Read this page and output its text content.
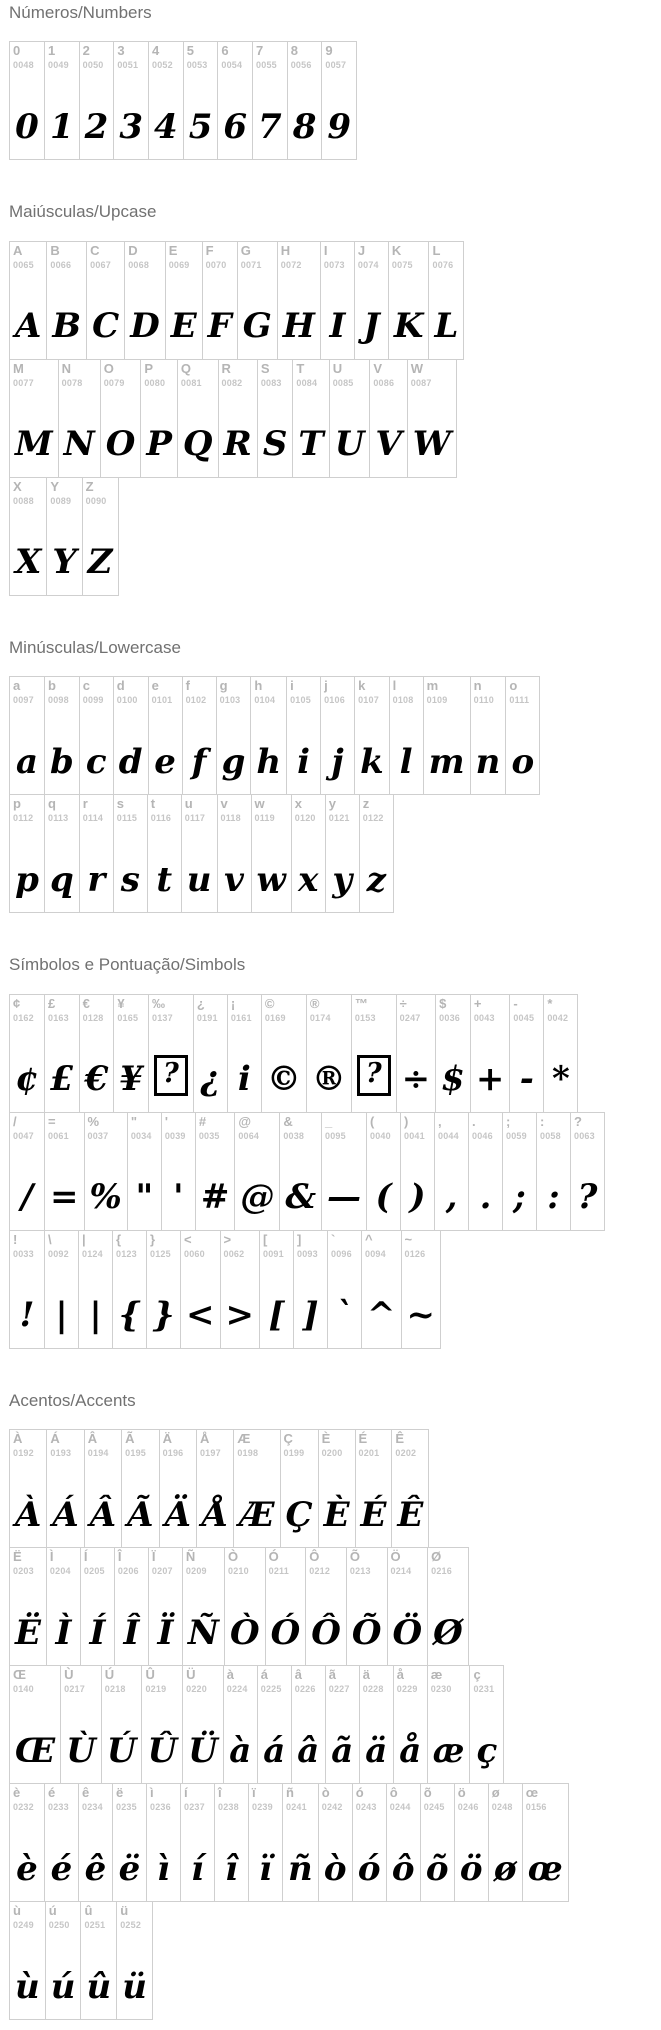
Números/Numbers
0
0048
0
1
0049
1
2
0050
2
3
0051
3
4
0052
4
5
0053
5
6
0054
6
7
0055
7
8
0056
8
9
0057
9
Maiúsculas/Upcase
A
0065
A
B
0066
B
C
0067
C
D
0068
D
E
0069
E
F
0070
F
G
0071
G
H
0072
H
I
0073
I
J
0074
J
K
0075
K
L
0076
L
M
0077
M
N
0078
N
O
0079
O
P
0080
P
Q
0081
Q
R
0082
R
S
0083
S
T
0084
T
U
0085
U
V
0086
V
W
0087
W
X
0088
X
Y
0089
Y
Z
0090
Z
Minúsculas/Lowercase
a
0097
a
b
0098
b
c
0099
c
d
0100
d
e
0101
e
f
0102
f
g
0103
g
h
0104
h
i
0105
i
j
0106
j
k
0107
k
l
0108
l
m
0109
m
n
0110
n
o
0111
o
p
0112
p
q
0113
q
r
0114
r
s
0115
s
t
0116
t
u
0117
u
v
0118
v
w
0119
w
x
0120
x
y
0121
y
z
0122
z
Símbolos e Pontuação/Simbols
¢
0162
¢
£
0163
£
€
0128
€
¥
0165
¥
‰
0137
?
¿
0191
¿
¡
0161
i
©
0169
©
®
0174
®
™
0153
?
÷
0247
÷
$
0036
$
+
0043
+
-
0045
-
*
0042
*
/
0047
/
=
0061
=
%
0037
%
"
0034
"
'
0039
'
#
0035
#
@
0064
@
&
0038
&
_
0095
—
(
0040
(
)
0041
)
,
0044
,
.
0046
.
;
0059
;
:
0058
:
?
0063
?
!
0033
!
\
0092
|
|
0124
|
{
0123
{
}
0125
}
<
0060
<
>
0062
>
[
0091
[
]
0093
]
`
0096
`
^
0094
^
~
0126
~
Acentos/Accents
À
0192
À
Á
0193
Á
Â
0194
Â
Ã
0195
Ã
Ä
0196
Ä
Å
0197
Å
Æ
0198
Æ
Ç
0199
Ç
È
0200
È
É
0201
É
Ê
0202
Ê
Ë
0203
Ë
Ì
0204
Ì
Í
0205
Í
Î
0206
Î
Ï
0207
Ï
Ñ
0209
Ñ
Ò
0210
Ò
Ó
0211
Ó
Ô
0212
Ô
Õ
0213
Õ
Ö
0214
Ö
Ø
0216
Ø
Œ
0140
Œ
Ù
0217
Ù
Ú
0218
Ú
Û
0219
Û
Ü
0220
Ü
à
0224
à
á
0225
á
â
0226
â
ã
0227
ã
ä
0228
ä
å
0229
å
æ
0230
æ
ç
0231
ç
è
0232
è
é
0233
é
ê
0234
ê
ë
0235
ë
ì
0236
ì
í
0237
í
î
0238
î
ï
0239
ï
ñ
0241
ñ
ò
0242
ò
ó
0243
ó
ô
0244
ô
õ
0245
õ
ö
0246
ö
ø
0248
ø
œ
0156
œ
ù
0249
ù
ú
0250
ú
û
0251
û
ü
0252
ü
